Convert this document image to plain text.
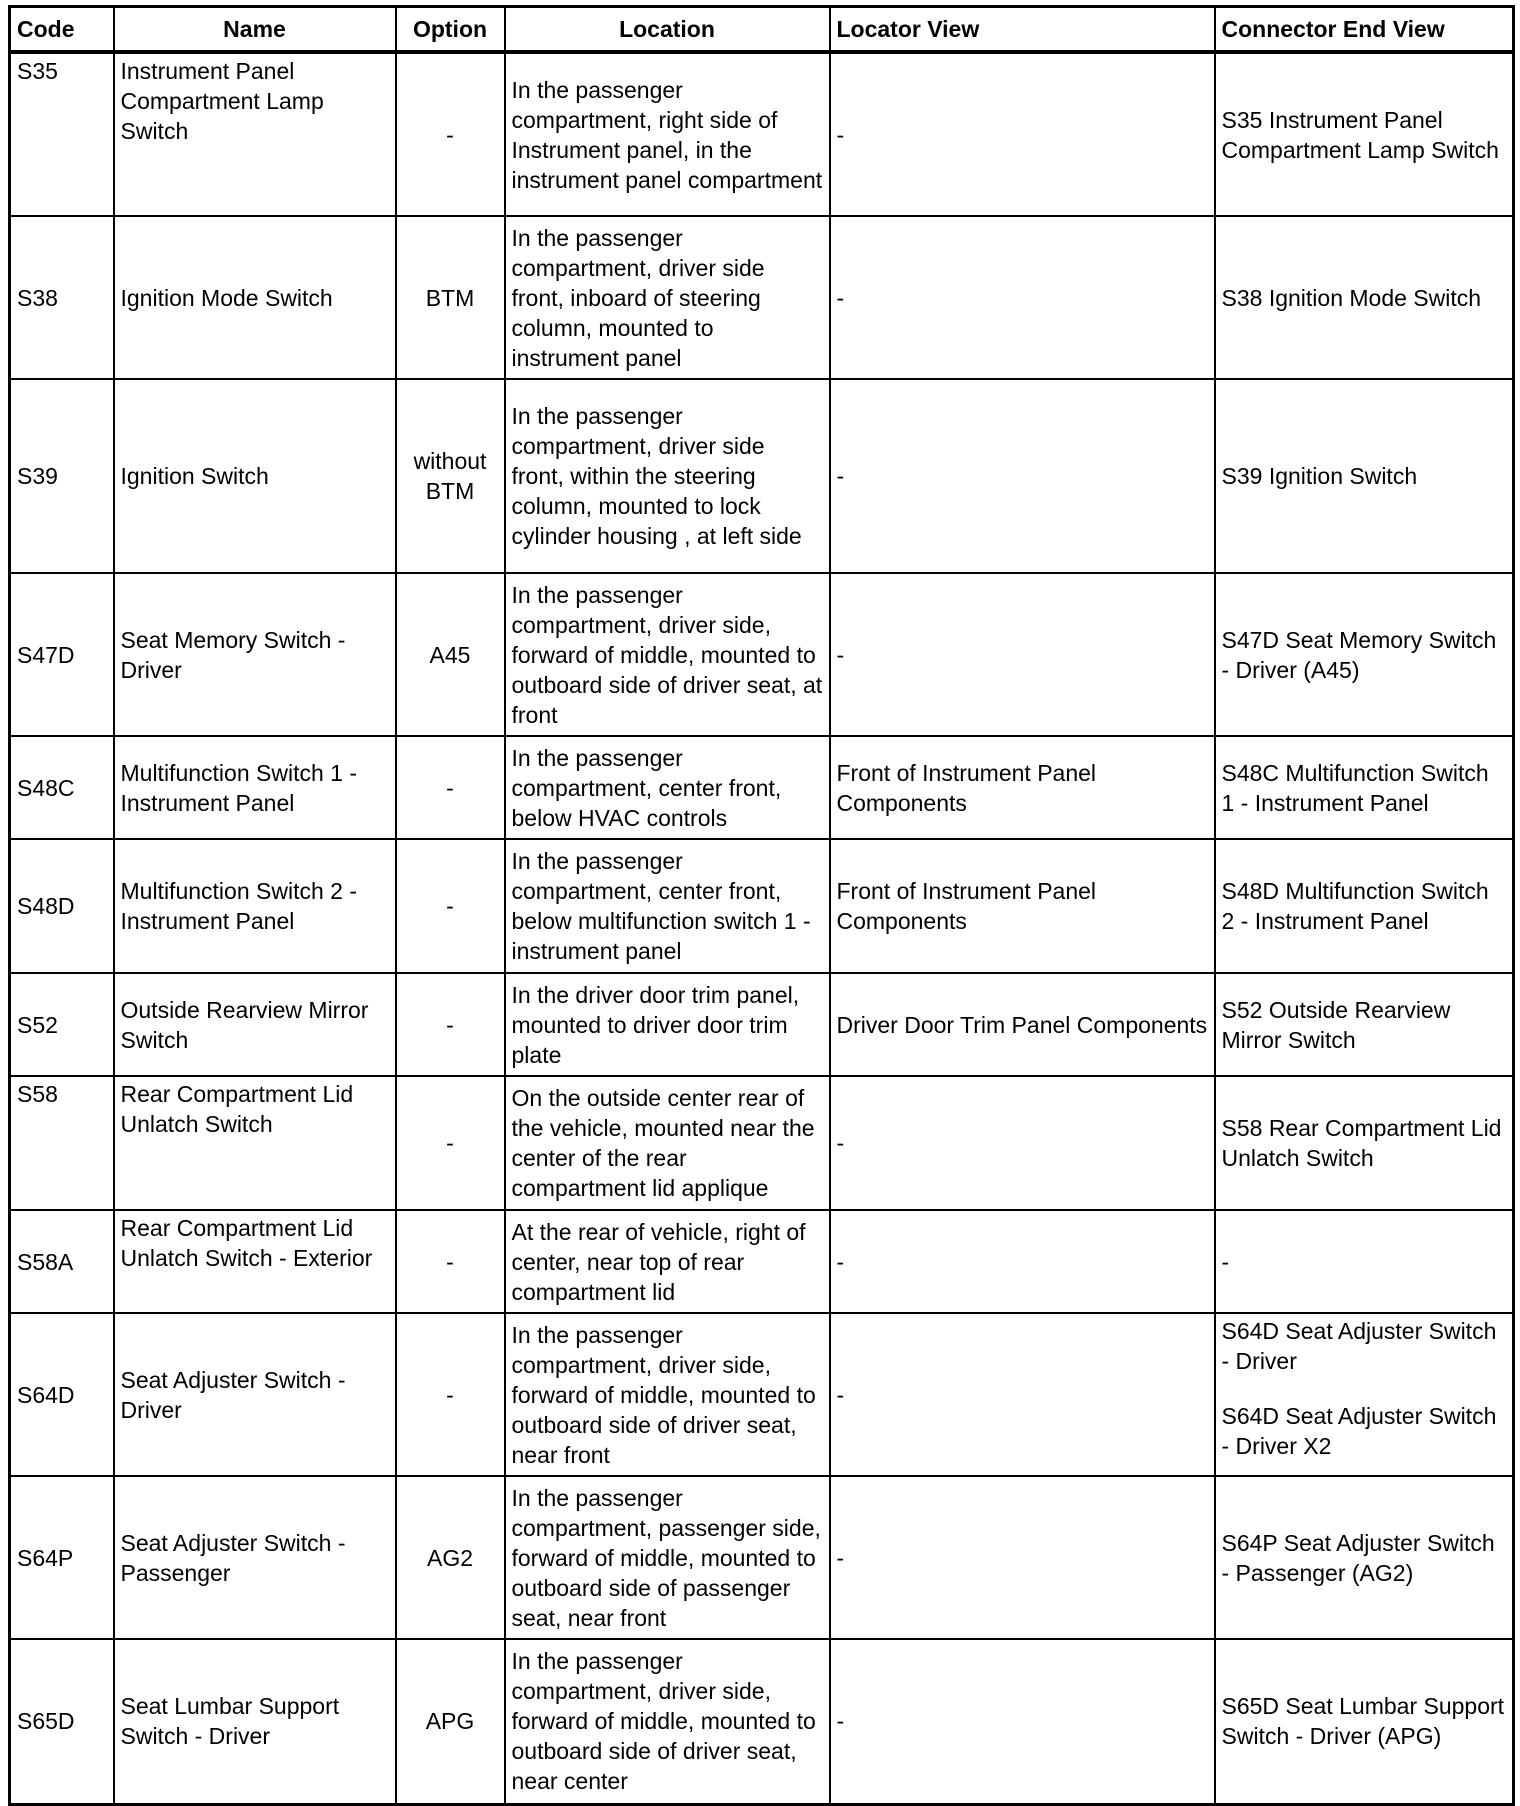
Code	Name	Option	Location	Locator View	Connector End View
S35	Instrument Panel Compartment Lamp Switch	-	In the passenger compartment, right side of Instrument panel, in the instrument panel compartment	-	S35 Instrument Panel Compartment Lamp Switch

S38	Ignition Mode Switch	BTM	In the passenger compartment, driver side front, inboard of steering column, mounted to instrument panel	-	S38 Ignition Mode Switch

S39	Ignition Switch	without BTM	In the passenger compartment, driver side front, within the steering column, mounted to lock cylinder housing , at left side	-	S39 Ignition Switch

S47D	Seat Memory Switch - Driver	A45	In the passenger compartment, driver side, forward of middle, mounted to outboard side of driver seat, at front	-	S47D Seat Memory Switch - Driver (A45)

S48C	Multifunction Switch 1 - Instrument Panel	-	In the passenger compartment, center front, below HVAC controls	Front of Instrument Panel Components	S48C Multifunction Switch 1 - Instrument Panel

S48D	Multifunction Switch 2 - Instrument Panel	-	In the passenger compartment, center front, below multifunction switch 1 - instrument panel	Front of Instrument Panel Components	S48D Multifunction Switch 2 - Instrument Panel

S52	Outside Rearview Mirror Switch	-	In the driver door trim panel, mounted to driver door trim plate	Driver Door Trim Panel Components	S52 Outside Rearview Mirror Switch

S58	Rear Compartment Lid Unlatch Switch	-	On the outside center rear of the vehicle, mounted near the center of the rear compartment lid applique	-	S58 Rear Compartment Lid Unlatch Switch

S58A	Rear Compartment Lid Unlatch Switch - Exterior	-	At the rear of vehicle, right of center, near top of rear compartment lid	-	-

S64D	Seat Adjuster Switch - Driver	-	In the passenger compartment, driver side, forward of middle, mounted to outboard side of driver seat, near front	-	S64D Seat Adjuster Switch - Driver
S64D Seat Adjuster Switch - Driver X2

S64P	Seat Adjuster Switch - Passenger	AG2	In the passenger compartment, passenger side, forward of middle, mounted to outboard side of passenger seat, near front	-	S64P Seat Adjuster Switch - Passenger (AG2)

S65D	Seat Lumbar Support Switch - Driver	APG	In the passenger compartment, driver side, forward of middle, mounted to outboard side of driver seat, near center	-	S65D Seat Lumbar Support Switch - Driver (APG)
